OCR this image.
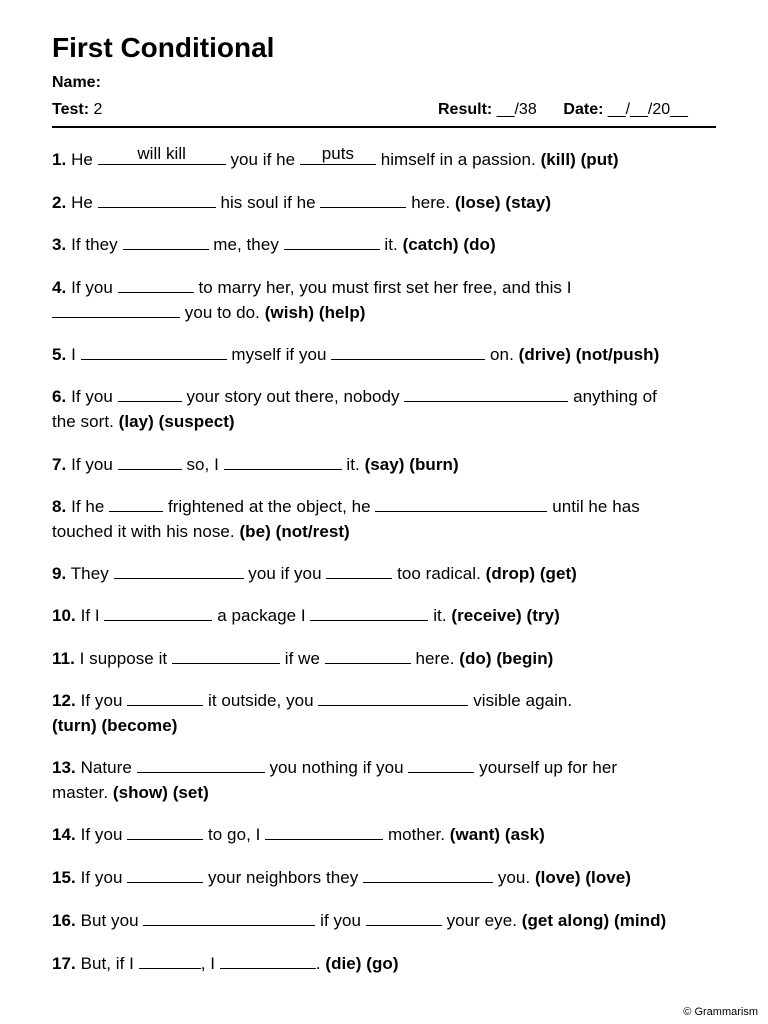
First Conditional
Name:
Test: 2	Result: __/38 Date: __/__/20__
1. He	will kill	you if he	puts	himself in a passion. (kill) (put)
2. He	his soul if he	here. (lose) (stay)
3. If they	me, they	it. (catch) (do)
4. If you	to marry her, you must first set her free, and this I
you to do. (wish) (help)
5. I	myself if you	on. (drive) (not/push)
6. If you	your story out there, nobody	anything of
the sort. (lay) (suspect)
7. If you	so, I	it. (say) (burn)
8. If he	frightened at the object, he	until he has
touched it with his nose. (be) (not/rest)
9. They	you if you	too radical. (drop) (get)
10. If I	a package I	it. (receive) (try)
11. I suppose it	if we	here. (do) (begin)
12. If you	it outside, you	visible again.
(turn) (become)
13. Nature	you nothing if you	yourself up for her
master. (show) (set)
14. If you	to go, I	mother. (want) (ask)
15. If you	your neighbors they	you. (love) (love)
16. But you	if you	your eye. (get along) (mind)
17. But, if I	, I	. (die) (go)
© Grammarism
